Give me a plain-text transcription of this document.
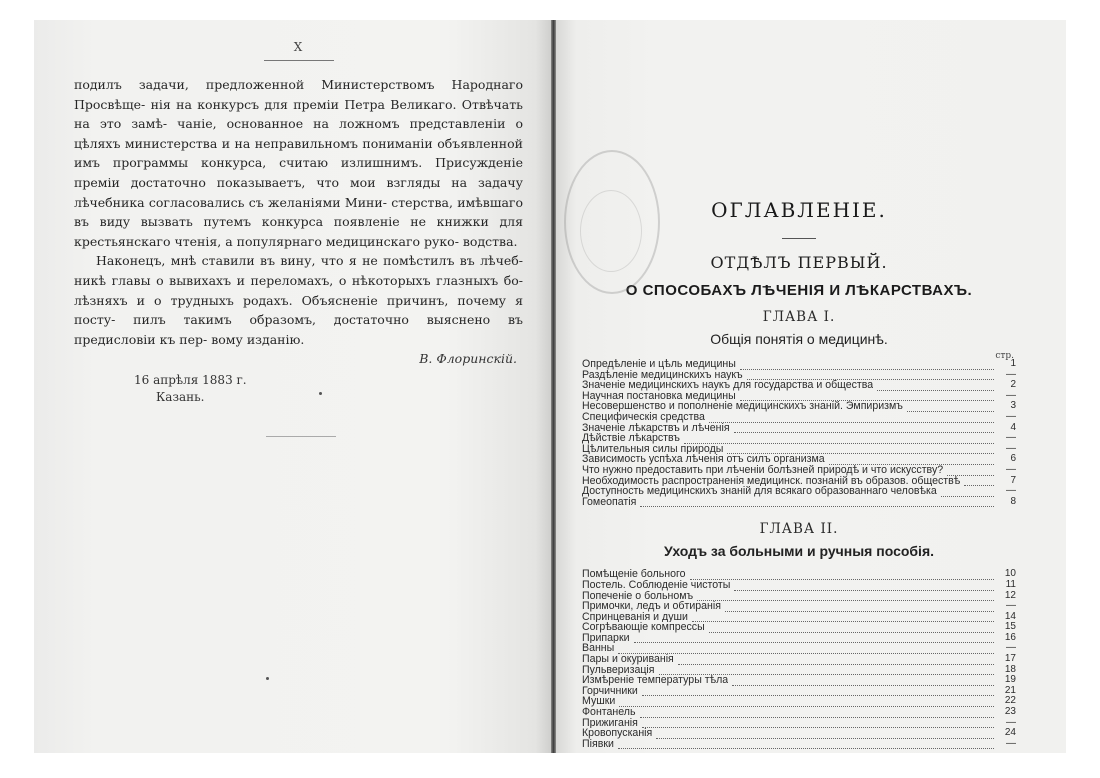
X

подилъ задачи, предложенной Министерствомъ Народнаго Просвѣще- нія на конкурсъ для преміи Петра Великаго. Отвѣчать на это замѣ- чаніе, основанное на ложномъ представленіи о цѣляхъ министерства и на неправильномъ пониманіи объявленной имъ программы конкурса, считаю излишнимъ. Присужденіе преміи достаточно показываетъ, что мои взгляды на задачу лѣчебника согласовались съ желаніями Мини- стерства, имѣвшаго въ виду вызвать путемъ конкурса появленіе не книжки для крестьянскаго чтенія, а популярнаго медицинскаго руко- водства.

Наконецъ, мнѣ ставили въ вину, что я не помѣстилъ въ лѣчеб- никѣ главы о вывихахъ и переломахъ, о нѣкоторыхъ глазныхъ бо- лѣзняхъ и о трудныхъ родахъ. Объясненіе причинъ, почему я посту- пилъ такимъ образомъ, достаточно выяснено въ предисловіи къ пер- вому изданію.

В. Флоринскій.
16 апрѣля 1883 г.
Казань.
ОГЛАВЛЕНІЕ.
ОТДѢЛЪ ПЕРВЫЙ.
О СПОСОБАХЪ ЛѢЧЕНІЯ И ЛѢКАРСТВАХЪ.
ГЛАВА I.
Общія понятія о медицинѣ.
стр.
Опредѣленіе и цѣль медицины	1
Раздѣленіе медицинскихъ наукъ	—
Значеніе медицинскихъ наукъ для государства и общества	2
Научная постановка медицины	—
Несовершенство и пополненіе медицинскихъ знаній. Эмпиризмъ	3
Специфическія средства	—
Значеніе лѣкарствъ и лѣченія	4
Дѣйствіе лѣкарствъ	—
Цѣлительныя силы природы	—
Зависимость успѣха лѣченія отъ силъ организма	6
Что нужно предоставить при лѣченіи болѣзней природѣ и что искусству?	—
Необходимость распространенія медицинск. познаній въ образов. обществѣ	7
Доступность медицинскихъ знаній для всякаго образованнаго человѣка	—
Гомеопатія	8
ГЛАВА II.
Уходъ за больными и ручныя пособія.
Помѣщеніе больного	10
Постель. Соблюденіе чистоты	11
Попеченіе о больномъ	12
Примочки, ледъ и обтиранія	—
Спринцеванія и души	14
Согрѣвающіе компрессы	15
Припарки	16
Ванны	—
Пары и окуриванія	17
Пульверизація	18
Измѣреніе температуры тѣла	19
Горчичники	21
Мушки	22
Фонтанель	23
Прижиганія	—
Кровопусканія	24
Піявки	—
